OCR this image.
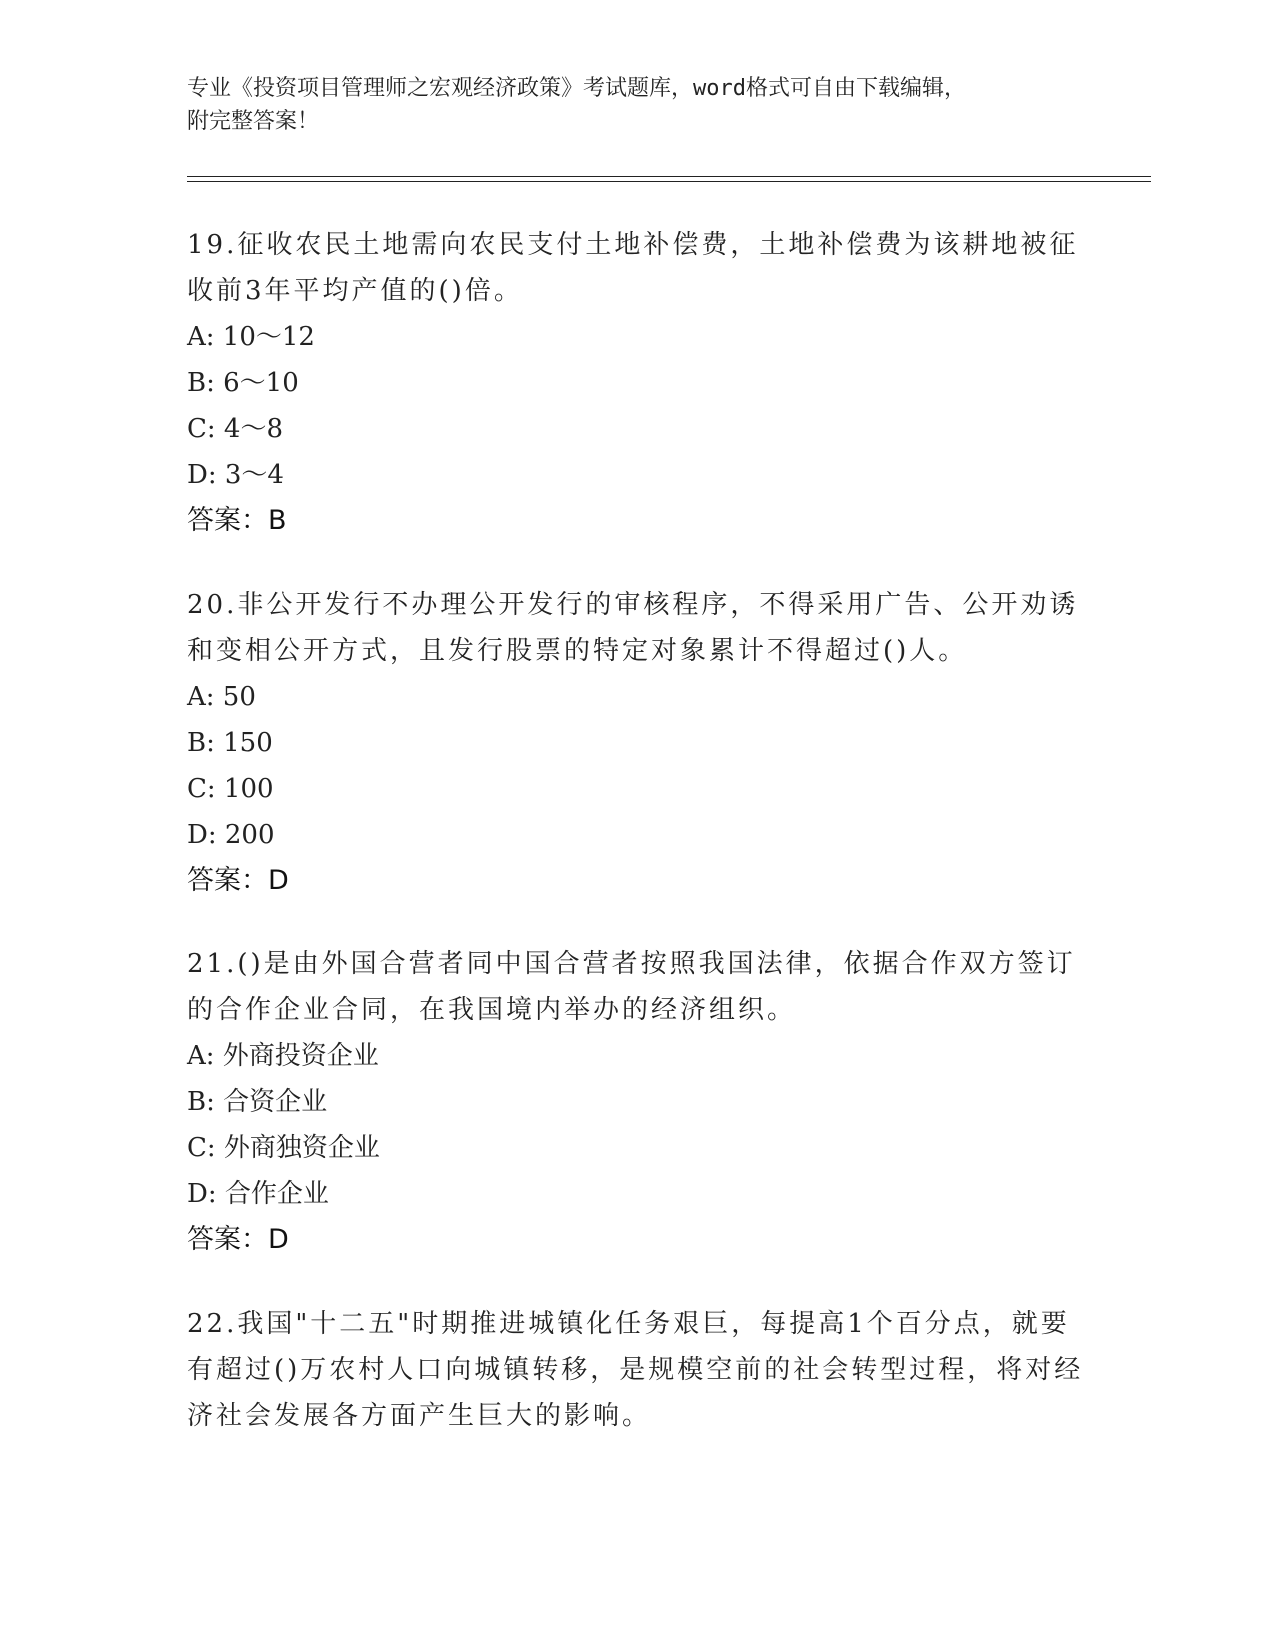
专业《投资项目管理师之宏观经济政策》考试题库，word格式可自由下载编辑，
附完整答案！

19.征收农民土地需向农民支付土地补偿费，土地补偿费为该耕地被征收前3年平均产值的()倍。

A: 10～12

B: 6～10

C: 4～8

D: 3～4

答案：B

20.非公开发行不办理公开发行的审核程序，不得采用广告、公开劝诱和变相公开方式，且发行股票的特定对象累计不得超过()人。

A: 50

B: 150

C: 100

D: 200

答案：D

21.()是由外国合营者同中国合营者按照我国法律，依据合作双方签订的合作企业合同，在我国境内举办的经济组织。

A: 外商投资企业

B: 合资企业

C: 外商独资企业

D: 合作企业

答案：D

22.我国"十二五"时期推进城镇化任务艰巨，每提高1个百分点，就要有超过()万农村人口向城镇转移，是规模空前的社会转型过程，将对经济社会发展各方面产生巨大的影响。
